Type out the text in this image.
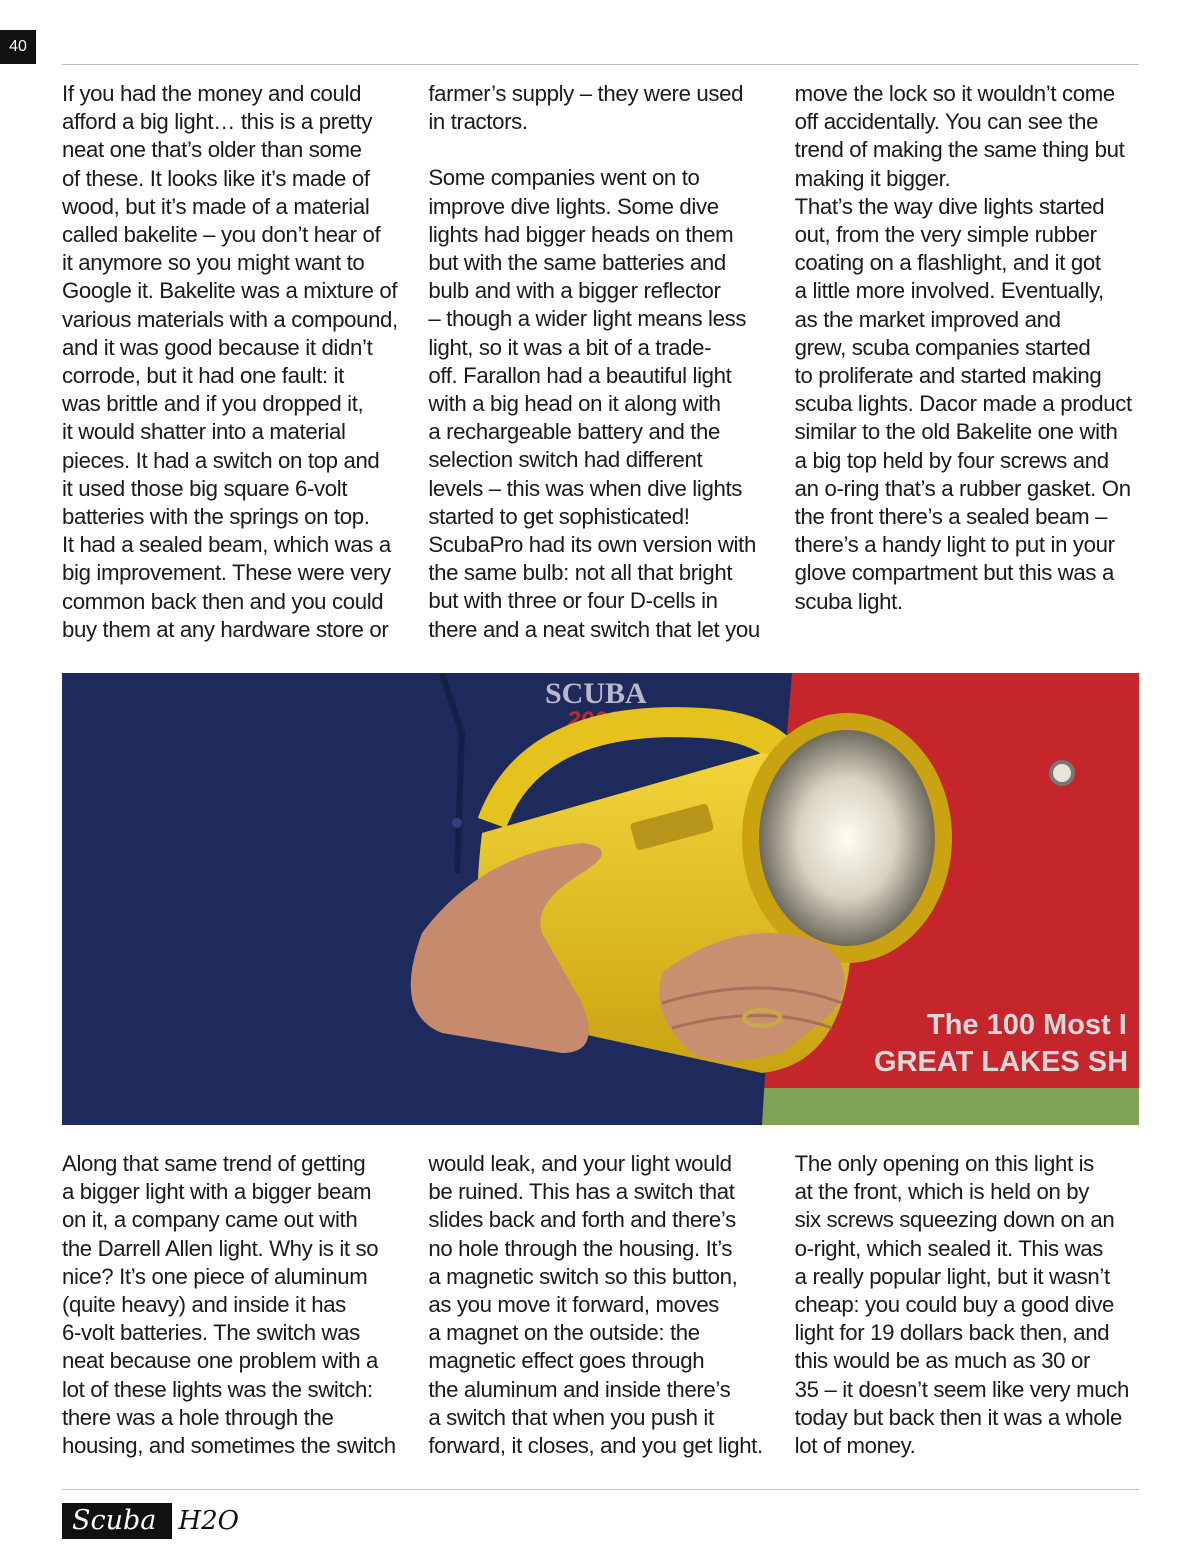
40

If you had the money and could
afford a big light… this is a pretty
neat one that’s older than some
of these. It looks like it’s made of
wood, but it’s made of a material
called bakelite – you don’t hear of
it anymore so you might want to
Google it. Bakelite was a mixture of
various materials with a compound,
and it was good because it didn’t
corrode, but it had one fault: it
was brittle and if you dropped it,
it would shatter into a material
pieces. It had a switch on top and
it used those big square 6-volt
batteries with the springs on top.
It had a sealed beam, which was a
big improvement. These were very
common back then and you could
buy them at any hardware store or

farmer’s supply – they were used
in tractors.

Some companies went on to
improve dive lights. Some dive
lights had bigger heads on them
but with the same batteries and
bulb and with a bigger reflector
– though a wider light means less
light, so it was a bit of a trade-
off. Farallon had a beautiful light
with a big head on it along with
a rechargeable battery and the
selection switch had different
levels – this was when dive lights
started to get sophisticated!
ScubaPro had its own version with
the same bulb: not all that bright
but with three or four D-cells in
there and a neat switch that let you

move the lock so it wouldn’t come
off accidentally. You can see the
trend of making the same thing but
making it bigger.

That’s the way dive lights started
out, from the very simple rubber
coating on a flashlight, and it got
a little more involved. Eventually,
as the market improved and
grew, scuba companies started
to proliferate and started making
scuba lights. Dacor made a product
similar to the old Bakelite one with
a big top held by four screws and
an o-ring that’s a rubber gasket. On
the front there’s a sealed beam –
there’s a handy light to put in your
glove compartment but this was a
scuba light.

The 100 Most I
GREAT LAKES SH
SCUBA
2000

Along that same trend of getting
a bigger light with a bigger beam
on it, a company came out with
the Darrell Allen light. Why is it so
nice? It’s one piece of aluminum
(quite heavy) and inside it has
6-volt batteries. The switch was
neat because one problem with a
lot of these lights was the switch:
there was a hole through the
housing, and sometimes the switch

would leak, and your light would
be ruined. This has a switch that
slides back and forth and there’s
no hole through the housing. It’s
a magnetic switch so this button,
as you move it forward, moves
a magnet on the outside: the
magnetic effect goes through
the aluminum and inside there’s
a switch that when you push it
forward, it closes, and you get light.

The only opening on this light is
at the front, which is held on by
six screws squeezing down on an
o-right, which sealed it. This was
a really popular light, but it wasn’t
cheap: you could buy a good dive
light for 19 dollars back then, and
this would be as much as 30 or
35 – it doesn’t seem like very much
today but back then it was a whole
lot of money.

Scuba H2O
